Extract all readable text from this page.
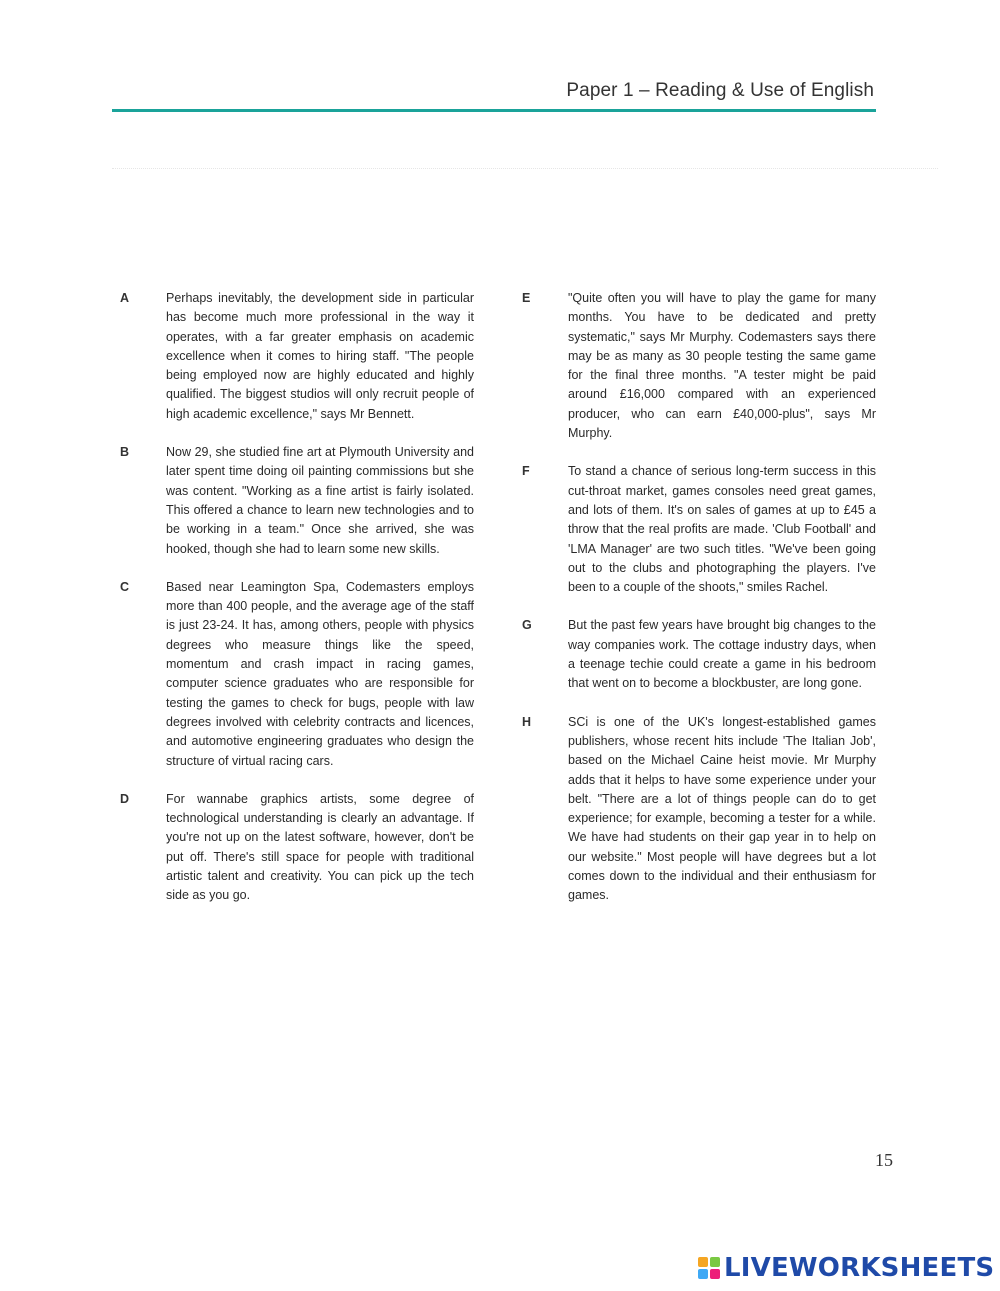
Paper 1 – Reading & Use of English
A	Perhaps inevitably, the development side in particular has become much more professional in the way it operates, with a far greater emphasis on academic excellence when it comes to hiring staff. "The people being employed now are highly educated and highly qualified. The biggest studios will only recruit people of high academic excellence," says Mr Bennett.

B	Now 29, she studied fine art at Plymouth University and later spent time doing oil painting commissions but she was content. "Working as a fine artist is fairly isolated. This offered a chance to learn new technologies and to be working in a team." Once she arrived, she was hooked, though she had to learn some new skills.

C	Based near Leamington Spa, Codemasters employs more than 400 people, and the average age of the staff is just 23-24. It has, among others, people with physics degrees who measure things like the speed, momentum and crash impact in racing games, computer science graduates who are responsible for testing the games to check for bugs, people with law degrees involved with celebrity contracts and licences, and automotive engineering graduates who design the structure of virtual racing cars.

D	For wannabe graphics artists, some degree of technological understanding is clearly an advantage. If you're not up on the latest software, however, don't be put off. There's still space for people with traditional artistic talent and creativity. You can pick up the tech side as you go.

E	"Quite often you will have to play the game for many months. You have to be dedicated and pretty systematic," says Mr Murphy. Codemasters says there may be as many as 30 people testing the same game for the final three months. "A tester might be paid around £16,000 compared with an experienced producer, who can earn £40,000-plus", says Mr Murphy.

F	To stand a chance of serious long-term success in this cut-throat market, games consoles need great games, and lots of them. It's on sales of games at up to £45 a throw that the real profits are made. 'Club Football' and 'LMA Manager' are two such titles. "We've been going out to the clubs and photographing the players. I've been to a couple of the shoots," smiles Rachel.

G	But the past few years have brought big changes to the way companies work. The cottage industry days, when a teenage techie could create a game in his bedroom that went on to become a blockbuster, are long gone.

H	SCi is one of the UK's longest-established games publishers, whose recent hits include 'The Italian Job', based on the Michael Caine heist movie. Mr Murphy adds that it helps to have some experience under your belt. "There are a lot of things people can do to get experience; for example, becoming a tester for a while. We have had students on their gap year in to help on our website." Most people will have degrees but a lot comes down to the individual and their enthusiasm for games.

15
LIVEWORKSHEETS
